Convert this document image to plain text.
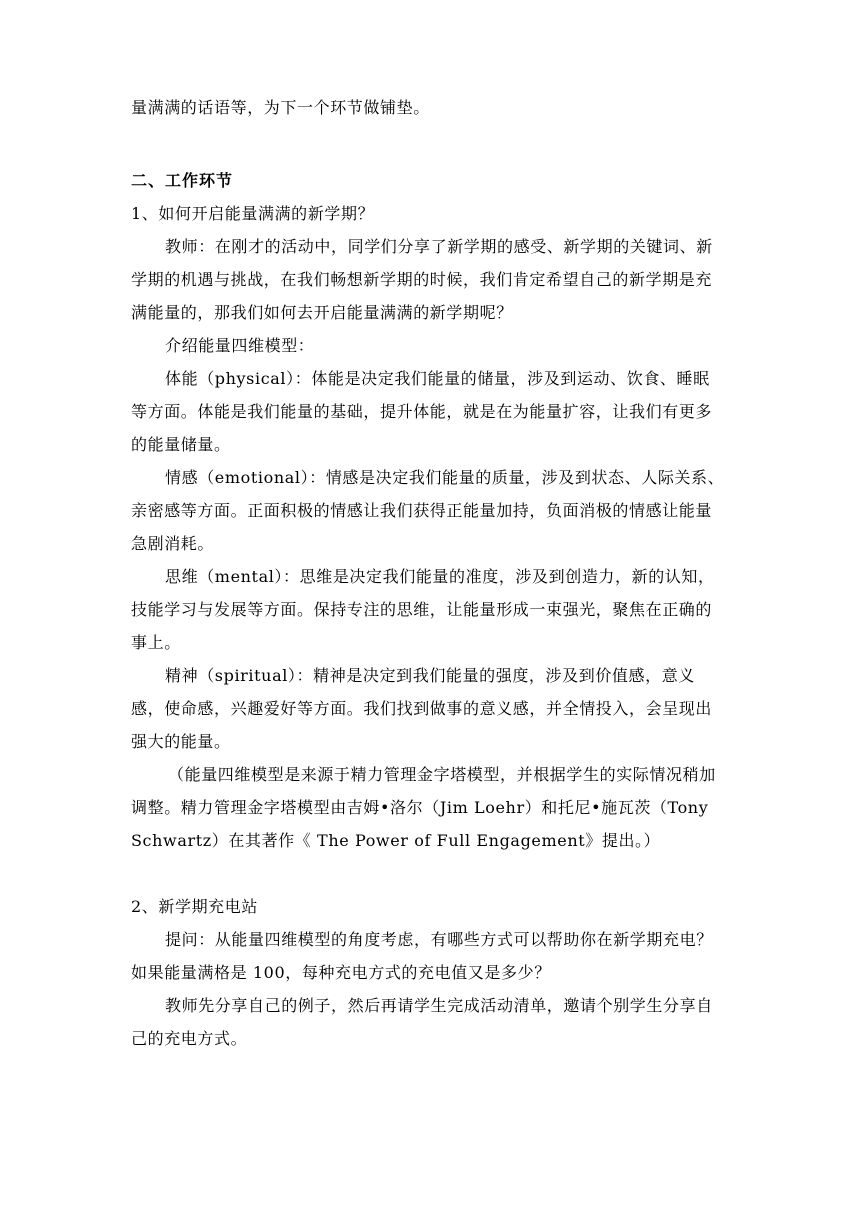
量满满的话语等，为下一个环节做铺垫。
二、工作环节
1、如何开启能量满满的新学期？
教师：在刚才的活动中，同学们分享了新学期的感受、新学期的关键词、新
学期的机遇与挑战，在我们畅想新学期的时候，我们肯定希望自己的新学期是充
满能量的，那我们如何去开启能量满满的新学期呢？
介绍能量四维模型：
体能（physical）：体能是决定我们能量的储量，涉及到运动、饮食、睡眠
等方面。体能是我们能量的基础，提升体能，就是在为能量扩容，让我们有更多
的能量储量。
情感（emotional）：情感是决定我们能量的质量，涉及到状态、人际关系、
亲密感等方面。正面积极的情感让我们获得正能量加持，负面消极的情感让能量
急剧消耗。
思维（mental）：思维是决定我们能量的准度，涉及到创造力，新的认知，
技能学习与发展等方面。保持专注的思维，让能量形成一束强光，聚焦在正确的
事上。
精神（spiritual）：精神是决定到我们能量的强度，涉及到价值感，意义
感，使命感，兴趣爱好等方面。我们找到做事的意义感，并全情投入，会呈现出
强大的能量。
（能量四维模型是来源于精力管理金字塔模型，并根据学生的实际情况稍加
调整。精力管理金字塔模型由吉姆•洛尔（Jim Loehr）和托尼•施瓦茨（Tony
Schwartz）在其著作《 The Power of Full Engagement》提出。）
2、新学期充电站
提问：从能量四维模型的角度考虑，有哪些方式可以帮助你在新学期充电？
如果能量满格是 100，每种充电方式的充电值又是多少？
教师先分享自己的例子，然后再请学生完成活动清单，邀请个别学生分享自
己的充电方式。
